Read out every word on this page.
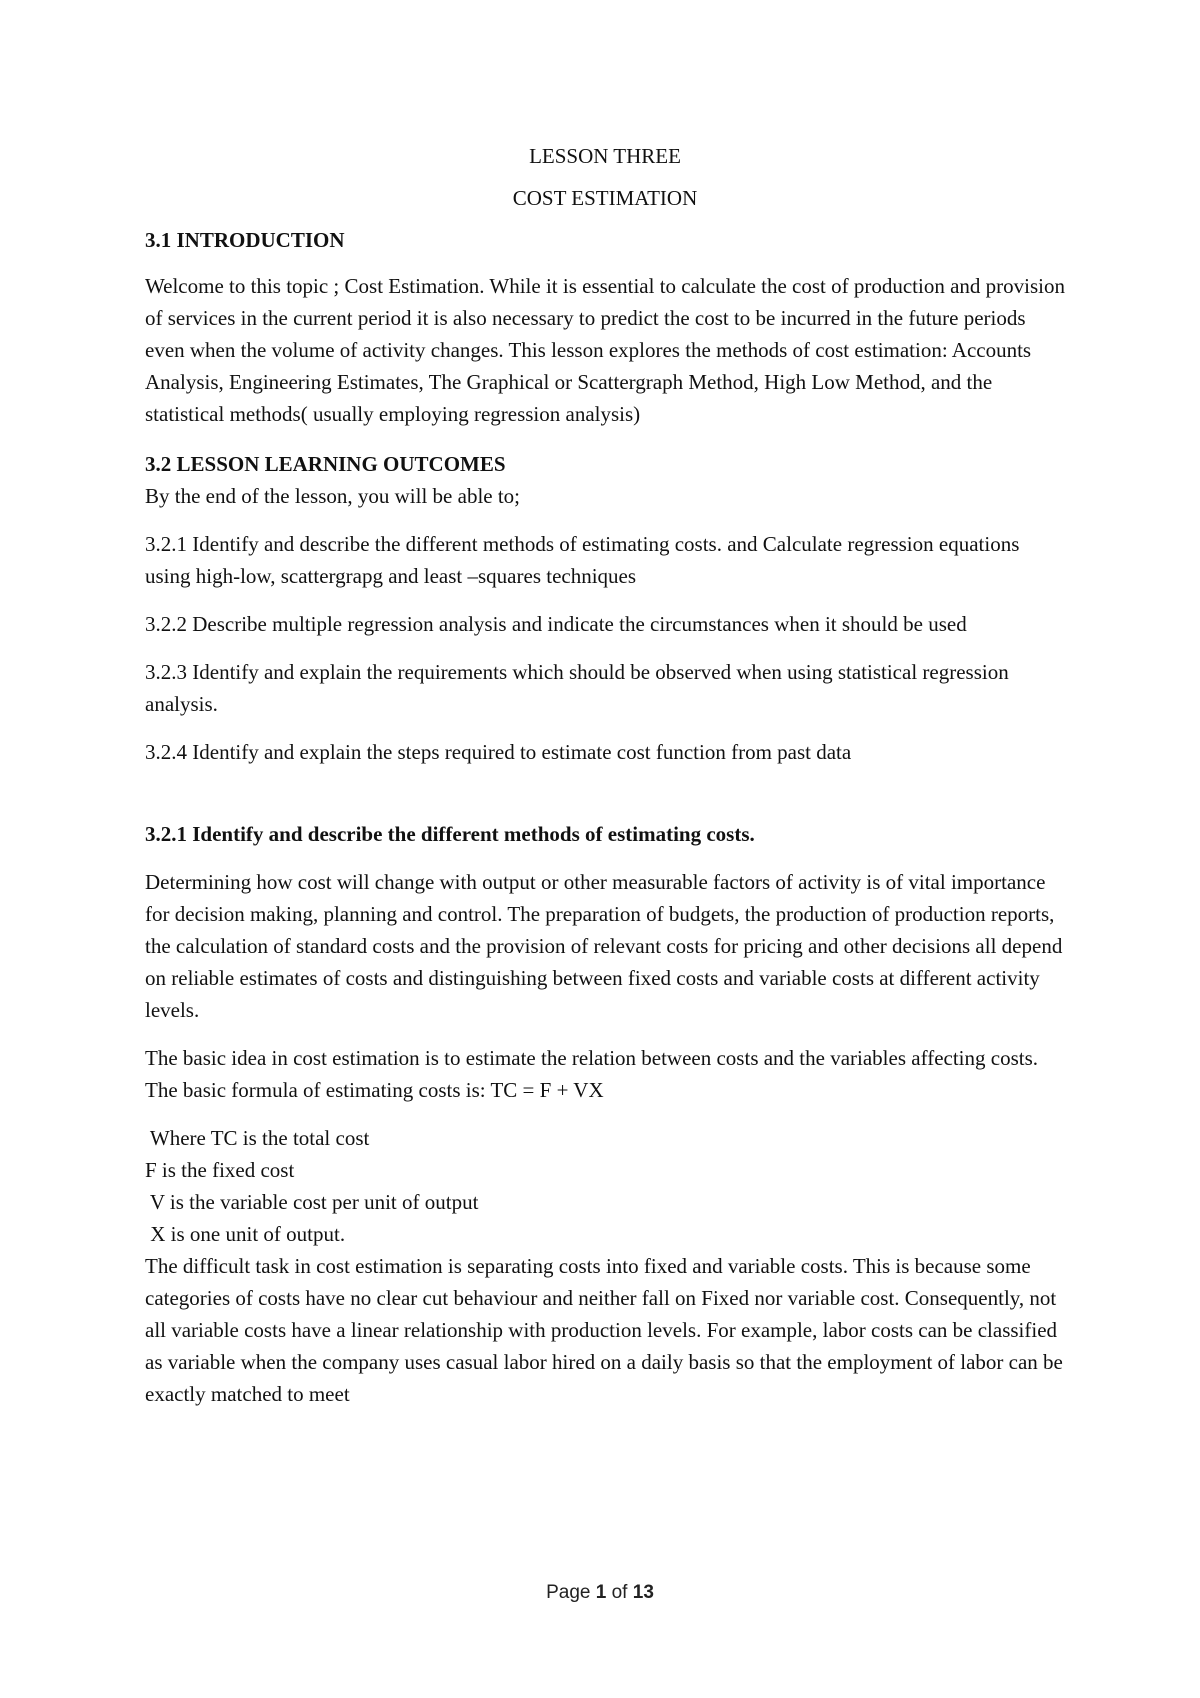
LESSON THREE

COST ESTIMATION

3.1 INTRODUCTION

Welcome to this topic ; Cost Estimation. While it is essential to calculate the cost of production and provision of services in the current period it is also necessary to predict the cost to be incurred in the future periods even when the volume of activity changes. This lesson explores the methods of cost estimation: Accounts Analysis, Engineering Estimates, The Graphical or Scattergraph Method, High Low Method, and the statistical methods( usually employing regression analysis)

3.2 LESSON LEARNING OUTCOMES

By the end of the lesson, you will be able to;

3.2.1 Identify and describe the different methods of estimating costs. and Calculate regression equations using high-low, scattergrapg and least –squares techniques

3.2.2 Describe multiple regression analysis and indicate the circumstances when it should be used

3.2.3 Identify and explain the requirements which should be observed when using statistical regression analysis.

3.2.4 Identify and explain the steps required to estimate cost function from past data

3.2.1 Identify and describe the different methods of estimating costs.

Determining how cost will change with output or other measurable factors of activity is of vital importance for decision making, planning and control. The preparation of budgets, the production of production reports, the calculation of standard costs and the provision of relevant costs for pricing and other decisions all depend on reliable estimates of costs and distinguishing between fixed costs and variable costs at different activity levels.

The basic idea in cost estimation is to estimate the relation between costs and the variables affecting costs. The basic formula of estimating costs is: TC = F + VX

Where TC is the total cost

F is the fixed cost

V is the variable cost per unit of output

X is one unit of output.

The difficult task in cost estimation is separating costs into fixed and variable costs. This is because some categories of costs have no clear cut behaviour and neither fall on Fixed nor variable cost. Consequently, not all variable costs have a linear relationship with production levels. For example, labor costs can be classified as variable when the company uses casual labor hired on a daily basis so that the employment of labor can be exactly matched to meet

Page 1 of 13
